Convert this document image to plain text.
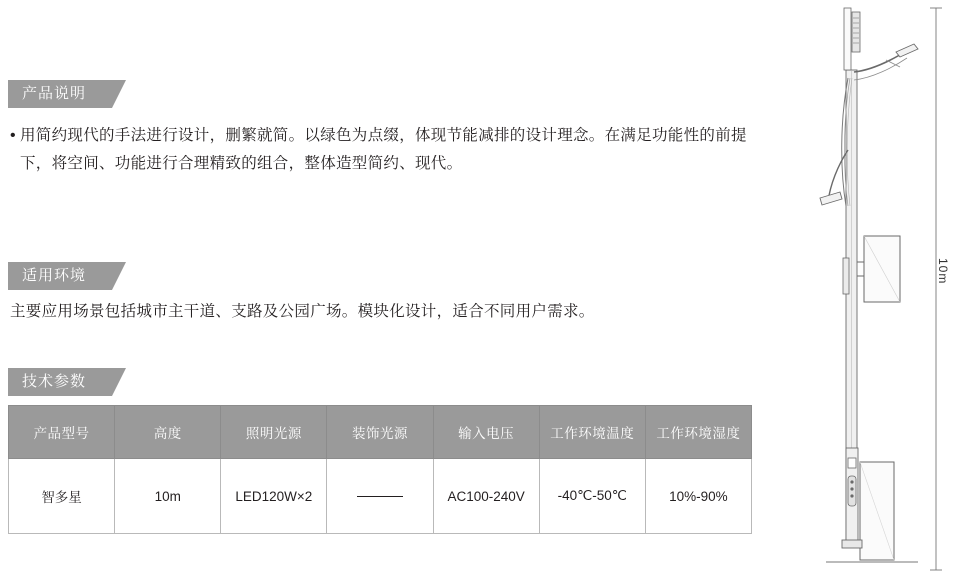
产品说明
• 用简约现代的手法进行设计，删繁就简。以绿色为点缀，体现节能减排的设计理念。在满足功能性的前提下，将空间、功能进行合理精致的组合，整体造型简约、现代。
适用环境
主要应用场景包括城市主干道、支路及公园广场。模块化设计，适合不同用户需求。
技术参数
产品型号	高度	照明光源	装饰光源	输入电压	工作环境温度	工作环境湿度
智多星	10m	LED120W×2		AC100-240V	-40℃-50℃	10%-90%
10m
